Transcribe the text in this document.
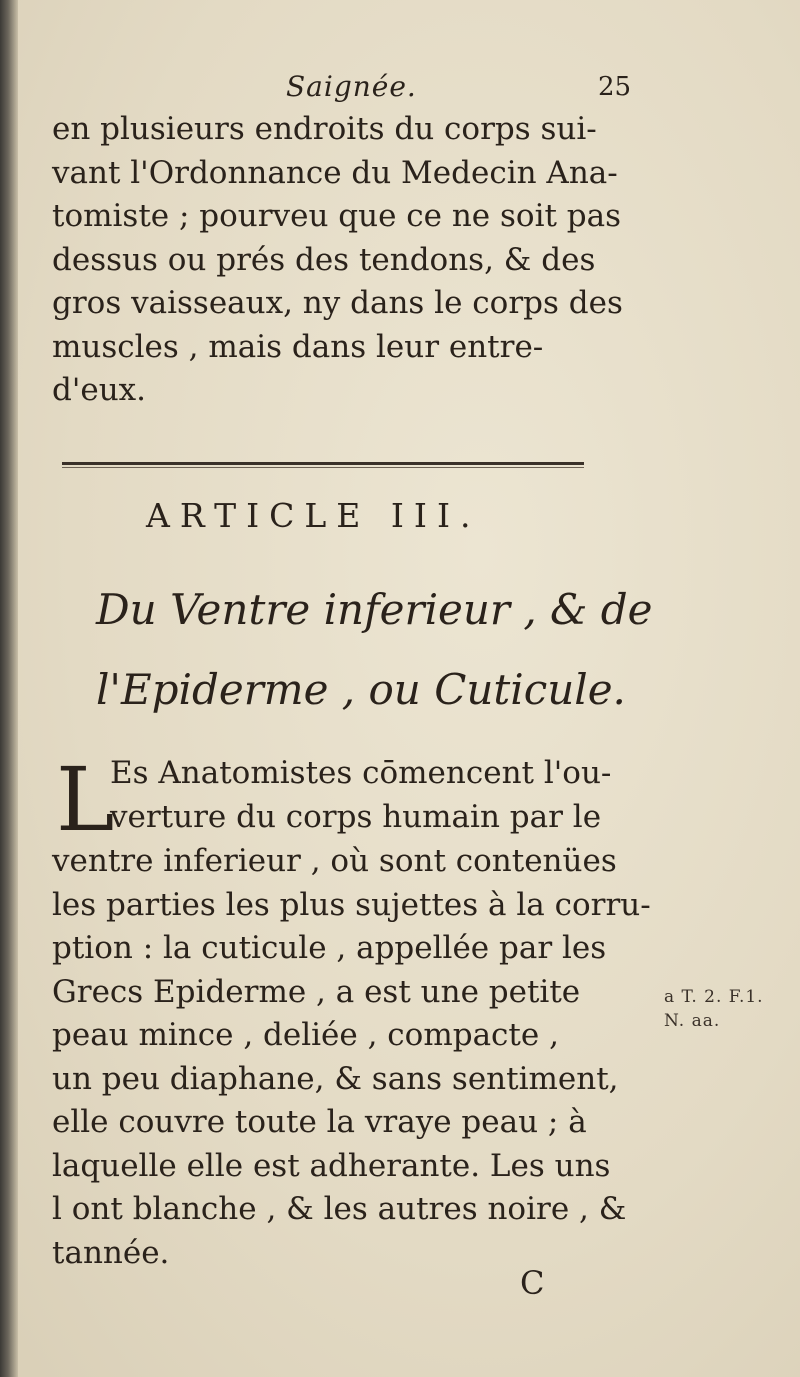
Saignée.	25
en plusieurs endroits du corps sui-
vant l'Ordonnance du Medecin Ana-
tomiste ; pourveu que ce ne soit pas
dessus ou prés des tendons, & des
gros vaisseaux, ny dans le corps des
muscles , mais dans leur entre-
d'eux.
ARTICLE III.
Du Ventre inferieur , & de
l'Epiderme , ou Cuticule.
L
Es Anatomistes cōmencent l'ou-
verture du corps humain par le
ventre inferieur , où sont contenües
les parties les plus sujettes à la corru-
ption : la cuticule , appellée par les
Grecs Epiderme , a est une petite
peau mince , deliée , compacte ,
un peu diaphane, & sans sentiment,
elle couvre toute la vraye peau ; à
laquelle elle est adherante. Les uns
l ont blanche , & les autres noire , &
tannée.
a T. 2. F.1.
N. aa.
C
